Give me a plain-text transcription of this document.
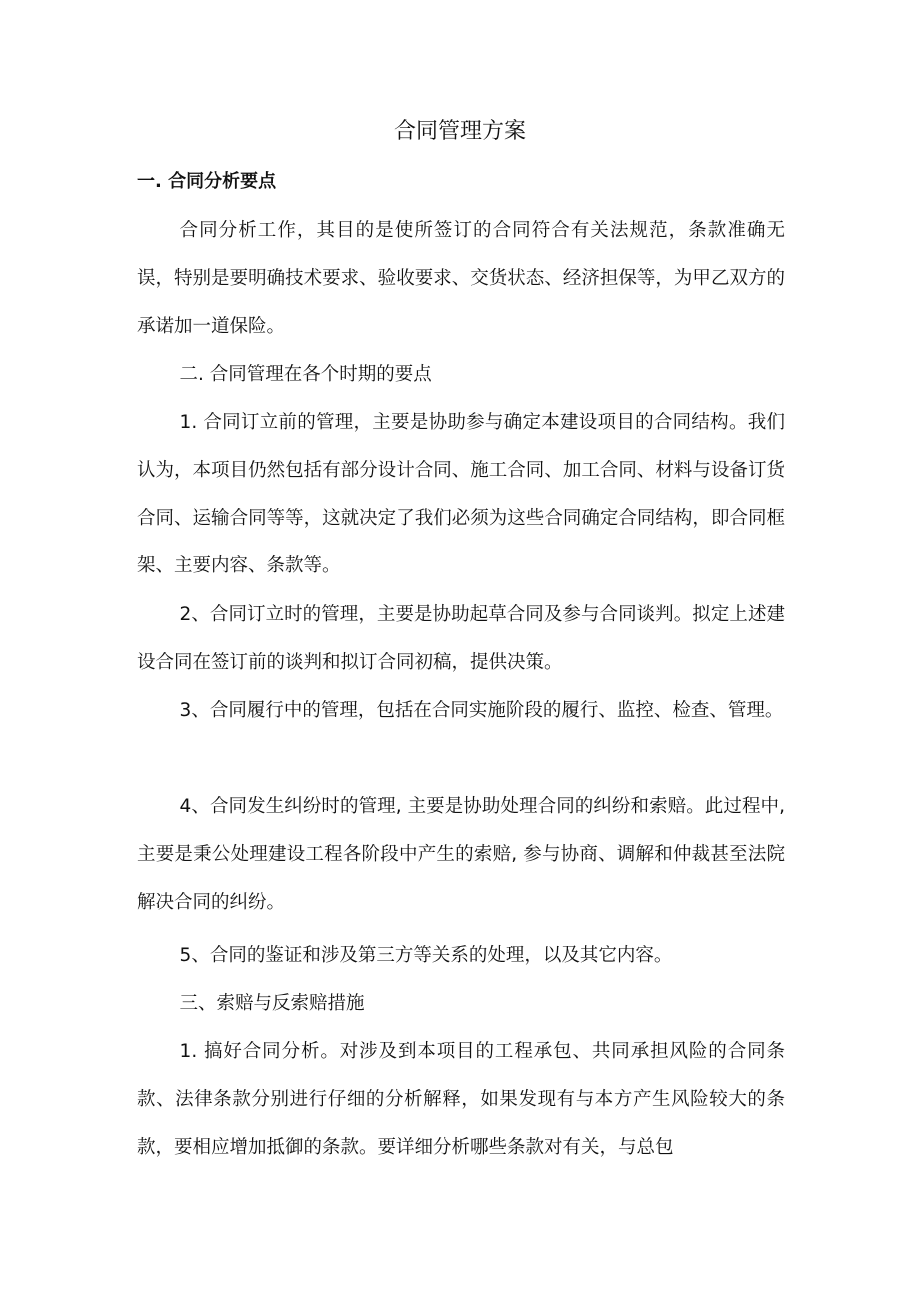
合同管理方案
一. 合同分析要点

合同分析工作，其目的是使所签订的合同符合有关法规范，条款准确无误，特别是要明确技术要求、验收要求、交货状态、经济担保等，为甲乙双方的承诺加一道保险。

二. 合同管理在各个时期的要点

1. 合同订立前的管理，主要是协助参与确定本建设项目的合同结构。我们认为，本项目仍然包括有部分设计合同、施工合同、加工合同、材料与设备订货合同、运输合同等等，这就决定了我们必须为这些合同确定合同结构，即合同框架、主要内容、条款等。

2、合同订立时的管理，主要是协助起草合同及参与合同谈判。拟定上述建设合同在签订前的谈判和拟订合同初稿，提供决策。

3、合同履行中的管理，包括在合同实施阶段的履行、监控、检查、管理。

4、合同发生纠纷时的管理, 主要是协助处理合同的纠纷和索赔。此过程中, 主要是秉公处理建设工程各阶段中产生的索赔, 参与协商、调解和仲裁甚至法院解决合同的纠纷。

5、合同的鉴证和涉及第三方等关系的处理，以及其它内容。

三、索赔与反索赔措施

1. 搞好合同分析。对涉及到本项目的工程承包、共同承担风险的合同条款、法律条款分别进行仔细的分析解释，如果发现有与本方产生风险较大的条款，要相应增加抵御的条款。要详细分析哪些条款对有关，与总包
